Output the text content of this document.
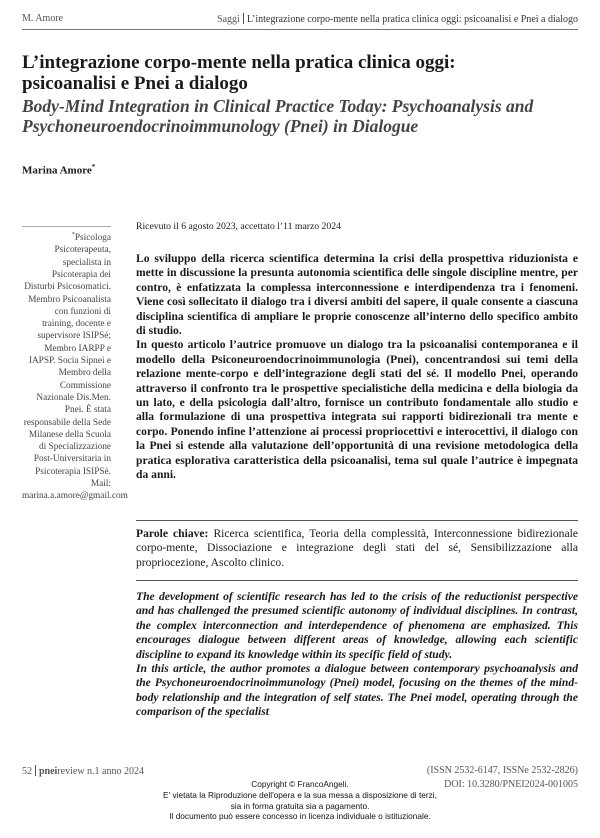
M. Amore	Saggi L’integrazione corpo-mente nella pratica clinica oggi: psicoanalisi e Pnei a dialogo
L’integrazione corpo-mente nella pratica clinica oggi: psicoanalisi e Pnei a dialogo
Body-Mind Integration in Clinical Practice Today: Psychoanalysis and Psychoneuroendocrinoimmunology (Pnei) in Dialogue
Marina Amore*
*Psicologa Psicoterapeuta, specialista in Psicoterapia dei Disturbi Psicosomatici. Membro Psicoanalista con funzioni di training, docente e supervisore ISIPSé; Membro IARPP e IAPSP. Socia Sipnei e Membro della Commissione Nazionale Dis.Men. Pnei. È stata responsabile della Sede Milanese della Scuola di Specializzazione Post-Universitaria in Psicoterapia ISIPSè. Mail: marina.a.amore@gmail.com
Ricevuto il 6 agosto 2023, accettato l’11 marzo 2024

Lo sviluppo della ricerca scientifica determina la crisi della prospettiva riduzionista e mette in discussione la presunta autonomia scientifica delle singole discipline mentre, per contro, è enfatizzata la complessa interconnessione e interdipendenza tra i fenomeni. Viene così sollecitato il dialogo tra i diversi ambiti del sapere, il quale consente a ciascuna disciplina scientifica di ampliare le proprie conoscenze all’interno dello specifico ambito di studio.

In questo articolo l’autrice promuove un dialogo tra la psicoanalisi contemporanea e il modello della Psiconeuroendocrinoimmunologia (Pnei), concentrandosi sui temi della relazione mente-corpo e dell’integrazione degli stati del sé. Il modello Pnei, operando attraverso il confronto tra le prospettive specialistiche della medicina e della biologia da un lato, e della psicologia dall’altro, fornisce un contributo fondamentale allo studio e alla formulazione di una prospettiva integrata sui rapporti bidirezionali tra mente e corpo. Ponendo infine l’attenzione ai processi propriocettivi e interocettivi, il dialogo con la Pnei si estende alla valutazione dell’opportunità di una revisione metodologica della pratica esplorativa caratteristica della psicoanalisi, tema sul quale l’autrice è impegnata da anni.

Parole chiave: Ricerca scientifica, Teoria della complessità, Interconnessione bidirezionale corpo-mente, Dissociazione e integrazione degli stati del sé, Sensibilizzazione alla propriocezione, Ascolto clinico.

The development of scientific research has led to the crisis of the reductionist perspective and has challenged the presumed scientific autonomy of individual disciplines. In contrast, the complex interconnection and interdependence of phenomena are emphasized. This encourages dialogue between different areas of knowledge, allowing each scientific discipline to expand its knowledge within its specific field of study.

In this article, the author promotes a dialogue between contemporary psychoanalysis and the Psychoneuroendocrinoimmunology (Pnei) model, focusing on the themes of the mind-body relationship and the integration of self states. The Pnei model, operating through the comparison of the specialist

52 pneireview n.1 anno 2024	(ISSN 2532-6147, ISSNe 2532-2826)
DOI: 10.3280/PNEI2024-001005
Copyright © FrancoAngeli.
E' vietata la Riproduzione dell'opera e la sua messa a disposizione di terzi,
sia in forma gratuita sia a pagamento.
Il documento può essere concesso in licenza individuale o istituzionale.
